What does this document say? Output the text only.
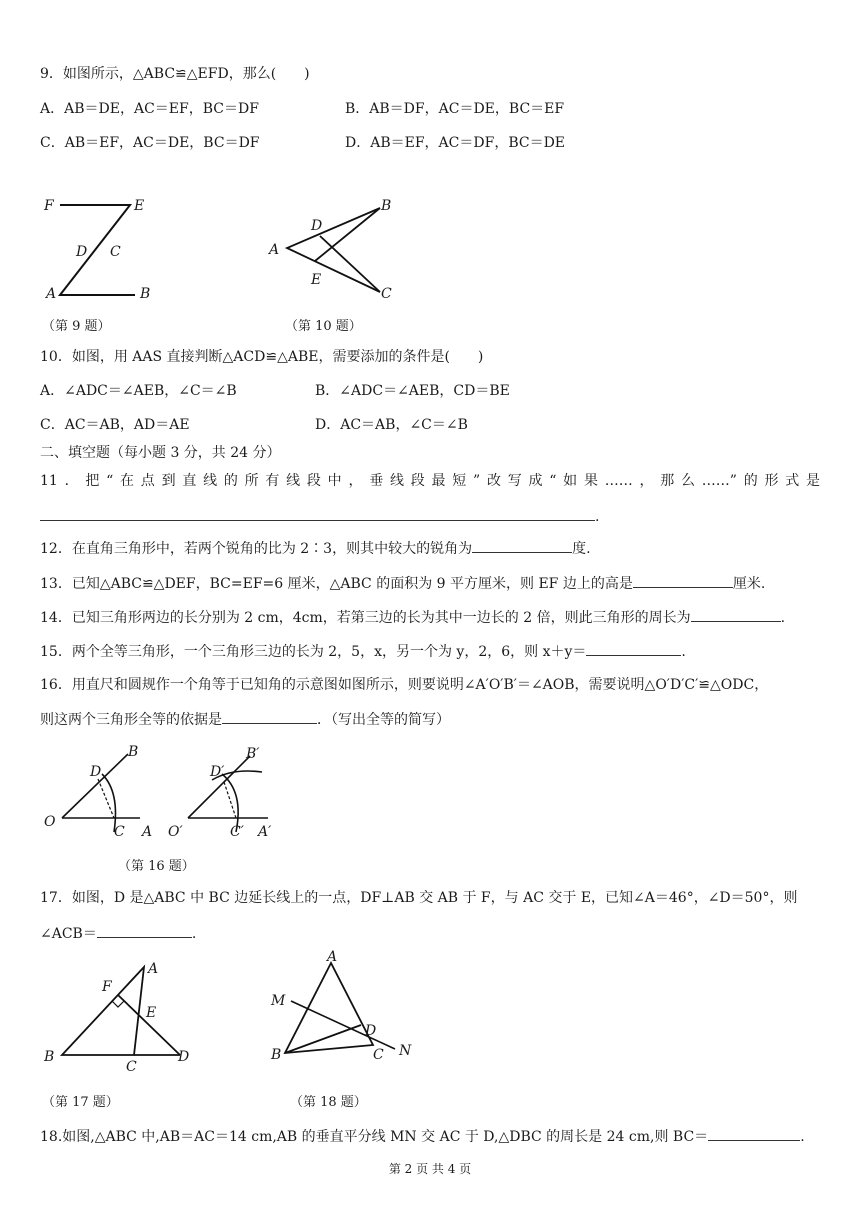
9．如图所示，△ABC≌△EFD，那么(　　)
A．AB＝DE，AC＝EF，BC＝DF	B．AB＝DF，AC＝DE，BC＝EF
C．AB＝EF，AC＝DE，BC＝DF	D．AB＝EF，AC＝DF，BC＝DE
F	E
D C
A	B
（第 9 题）
D
B
A
E
C
（第 10 题）
10．如图，用 AAS 直接判断△ACD≌△ABE，需要添加的条件是(　　)
A．∠ADC＝∠AEB，∠C＝∠B	B．∠ADC＝∠AEB，CD＝BE
C．AC＝AB，AD＝AE	D．AC＝AB，∠C＝∠B
二、填空题（每小题 3 分，共 24 分）
11．把“在点到直线的所有线段中，垂线段最短”改写成“如果……，那么……”的形式是
.
12．在直角三角形中，若两个锐角的比为 2∶3，则其中较大的锐角为	度.
13．已知△ABC≌△DEF，BC=EF=6 厘米，△ABC 的面积为 9 平方厘米，则 EF 边上的高是	厘米.
14．已知三角形两边的长分别为 2 cm，4cm，若第三边的长为其中一边长的 2 倍，则此三角形的周长为	.
15．两个全等三角形，一个三角形三边的长为 2，5，x，另一个为 y，2，6，则 x＋y＝	.
16．用直尺和圆规作一个角等于已知角的示意图如图所示，则要说明∠A′O′B′＝∠AOB，需要说明△O′D′C′≌△ODC，
则这两个三角形全等的依据是	．（写出全等的简写）
B
D
O
C A
B′
D′
O′	C′ A′
（第 16 题）
17．如图，D 是△ABC 中 BC 边延长线上的一点，DF⊥AB 交 AB 于 F，与 AC 交于 E，已知∠A＝46°，∠D＝50°，则
∠ACB＝	.
A
F
E
B
C
D
（第 17 题）
A
M
D
B	C N
（第 18 题）
18.如图,△ABC 中,AB＝AC＝14 cm,AB 的垂直平分线 MN 交 AC 于 D,△DBC 的周长是 24 cm,则 BC＝	.
第 2 页 共 4 页
